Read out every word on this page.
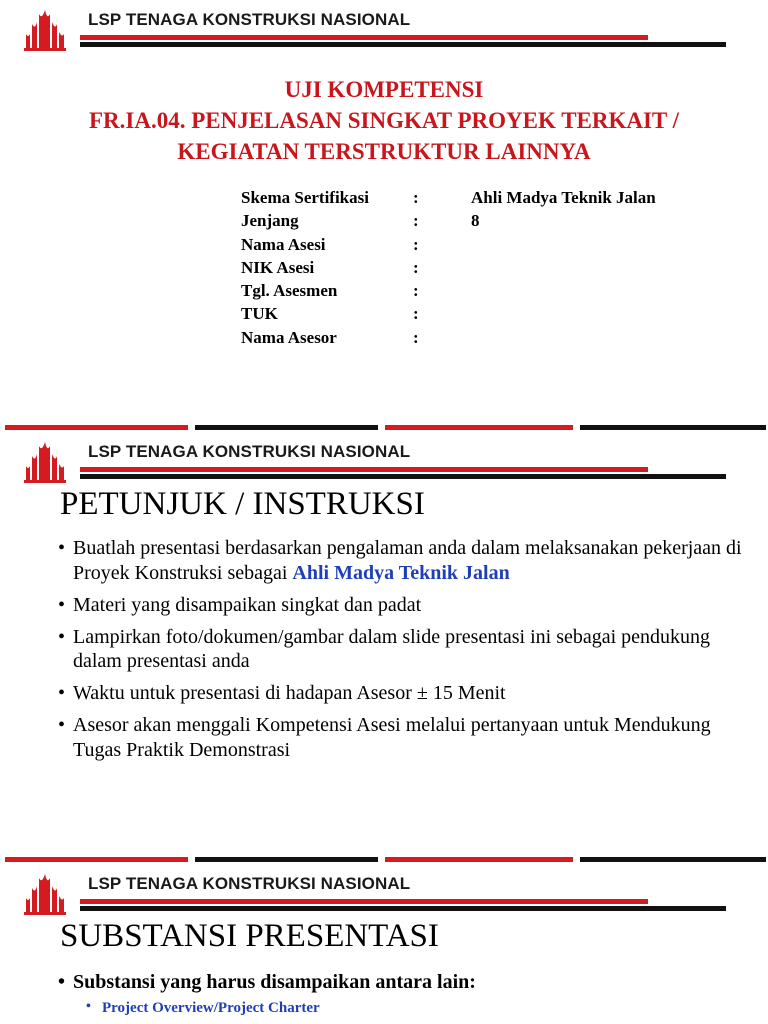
LSP TENAGA KONSTRUKSI NASIONAL
UJI KOMPETENSI
FR.IA.04. PENJELASAN SINGKAT PROYEK TERKAIT /
KEGIATAN TERSTRUKTUR LAINNYA
Skema Sertifikasi	:	Ahli Madya Teknik Jalan
Jenjang	:	8
Nama Asesi	:	
NIK Asesi	:	
Tgl. Asesmen	:	
TUK	:	
Nama Asesor	:	
LSP TENAGA KONSTRUKSI NASIONAL
PETUNJUK / INSTRUKSI
• Buatlah presentasi berdasarkan pengalaman anda dalam melaksanakan pekerjaan di Proyek Konstruksi sebagai Ahli Madya Teknik Jalan
• Materi yang disampaikan singkat dan padat
• Lampirkan foto/dokumen/gambar dalam slide presentasi ini sebagai pendukung dalam presentasi anda
• Waktu untuk presentasi di hadapan Asesor ± 15 Menit
• Asesor akan menggali Kompetensi Asesi melalui pertanyaan untuk Mendukung Tugas Praktik Demonstrasi
LSP TENAGA KONSTRUKSI NASIONAL
SUBSTANSI PRESENTASI
• Substansi yang harus disampaikan antara lain:
• Project Overview/Project Charter
